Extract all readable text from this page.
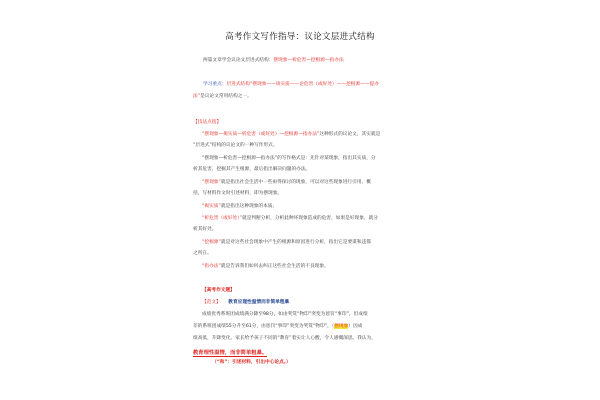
高考作文写作指导：议论文层进式结构
两篇文章学会议论文层进式结构：摆现象—析危害—挖根源—指办法
学习重点：层进式结构“摆现象——谈实质——论危害（或好处）——挖根源——提办
法”是议论文常用结构之一。
【技法点拨】
“摆现象—揭实质—析危害（或好处）—挖根源—指办法”这种形式的议论文，其实就是
“层进式”结构的议论文的一种写作形式。
“摆现象—析危害—挖根源—指办法”的写作格式是：先针对某现象，指出其实质，分
析其危害，挖掘其产生根源，最后指出解决问题的办法。
“摆现象”就是指出社会生活中一些亟得探讨的现象，可以对这些现象进行引用、概
括，写材料作文时引述材料，即为摆现象。
“揭实质”就是指出这种现象的本质。
“析危害（或好处）”就是判断分析，分析此种坏现象造成的危害，如果是好现象，就分
析其好处。
“挖根源”就是对这些社会现象中产生的根源和原因进行分析，指出它是要谋和违都
之所在。
“指办法”就是告诉我们如何去纠正这些社会生活的不良现象。
【高考作文题】
【范文】 教育应理性温情而非简单粗暴
成绩优秀系班团成绩满分降至98分，如由奖赏“物印”突变为惩罚“事印”，但成绩
差的系班团成绩55分升至61分，由惩罚“事印”突变为奖赏“物印”，（摆现象）因成
绩高低，升降变化，家长给予孩子不同的“教育”着实让人心酸，令人感慨深思。我认为，
教育理性温情，而非简单粗暴。
（“和”：引述材料，引出中心论点。）
